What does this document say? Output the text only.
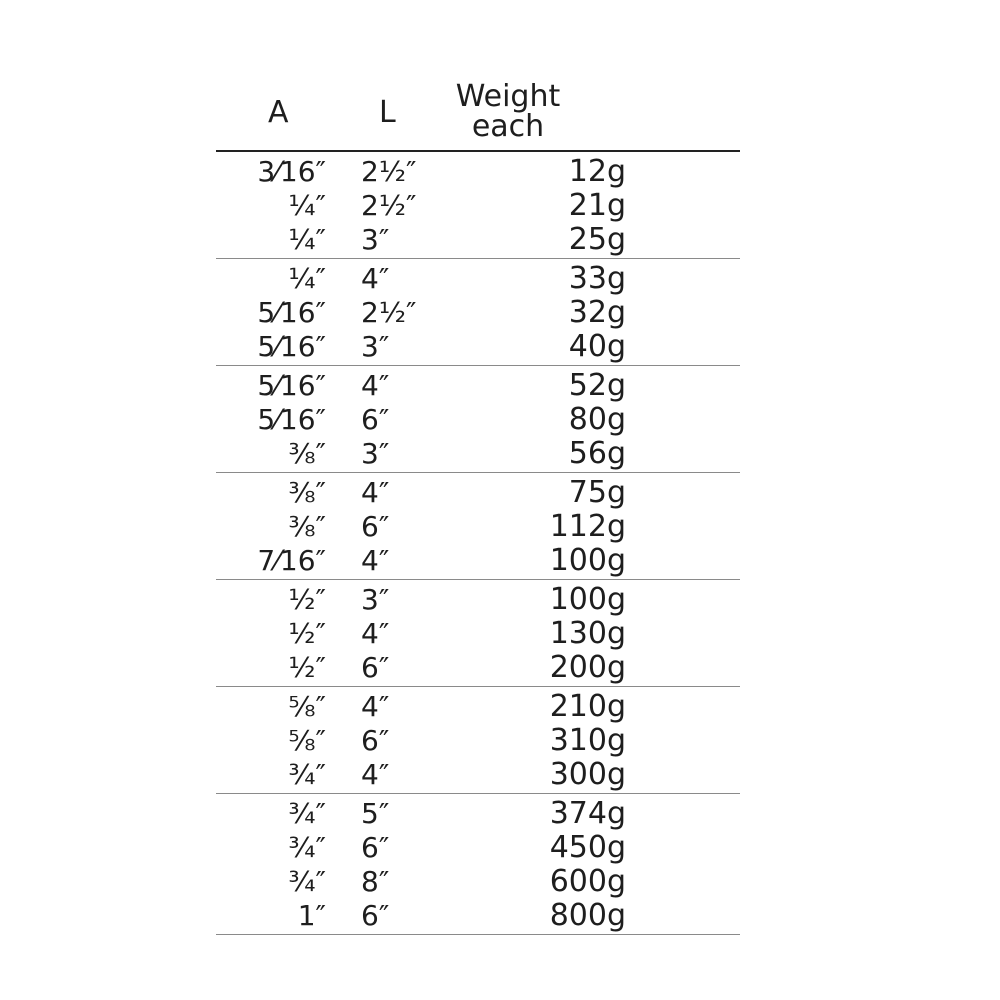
A	L	Weight
each
3⁄16″ 2½″	12g
¼″ 2½″	21g
¼″ 3″	25g
¼″ 4″	33g
5⁄16″ 2½″	32g
5⁄16″ 3″	40g
5⁄16″ 4″	52g
5⁄16″ 6″	80g
⅜″ 3″	56g
⅜″ 4″	75g
⅜″ 6″	112g
7⁄16″ 4″	100g
½″ 3″	100g
½″ 4″	130g
½″ 6″	200g
⅝″ 4″	210g
⅝″ 6″	310g
¾″ 4″	300g
¾″ 5″	374g
¾″ 6″	450g
¾″ 8″	600g
1″ 6″	800g
